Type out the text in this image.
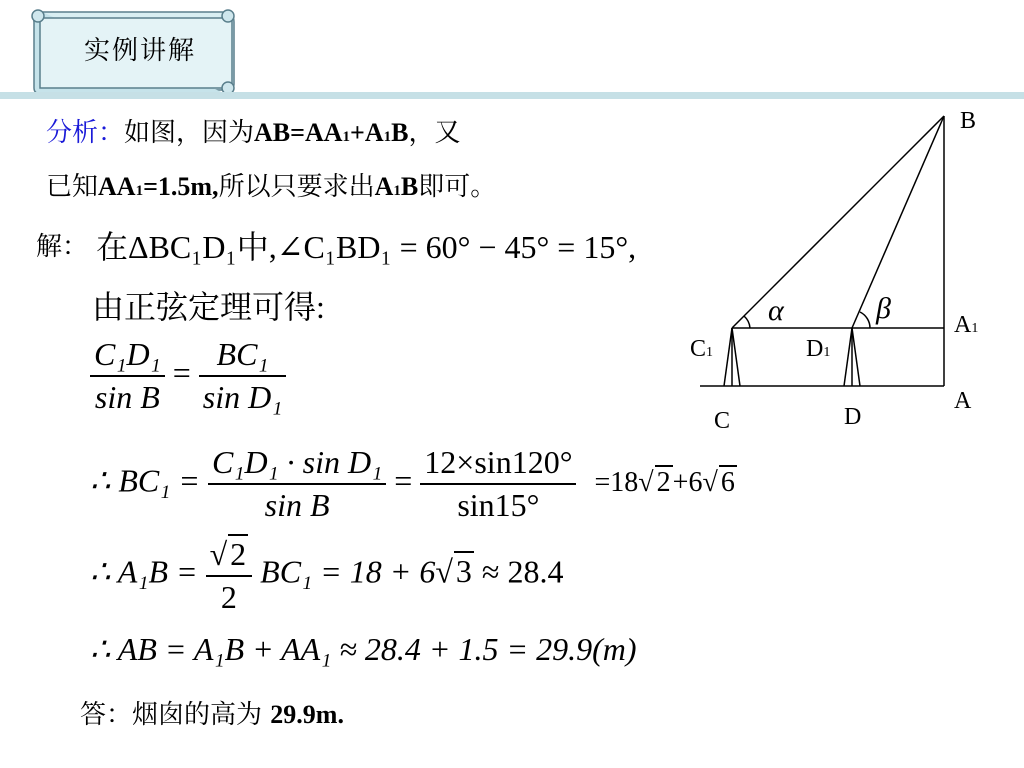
实例讲解
分析：如图，因为AB=AA1+A1B，又
已知AA1=1.5m,所以只要求出A1B即可。
解： 在ΔBC₁D₁中,∠C₁BD₁ = 60° − 45° = 15°,
由正弦定理可得:
$\frac{\text{C₁D₁}}{\text{sin B}} = \frac{\text{BC₁}}{\text{sin D₁}}$
∴ $BC_1 = \frac{\text{C₁D₁ · sin D₁}}{\text{sin B}} = \frac{12\times\sin 120^\circ}{\sin 15^\circ} =18√$ 2+6√ 6
∴ $A_1B = \frac{√2}{2} BC_1 = 18 + 6√3 \approx 28.4$
∴ AB = A₁B + AA₁ ≈ 28.4 + 1.5 = 29.9(m)
答：烟囱的高为 29.9m.
B
A1
A
C1	D1
C	D
α	β
